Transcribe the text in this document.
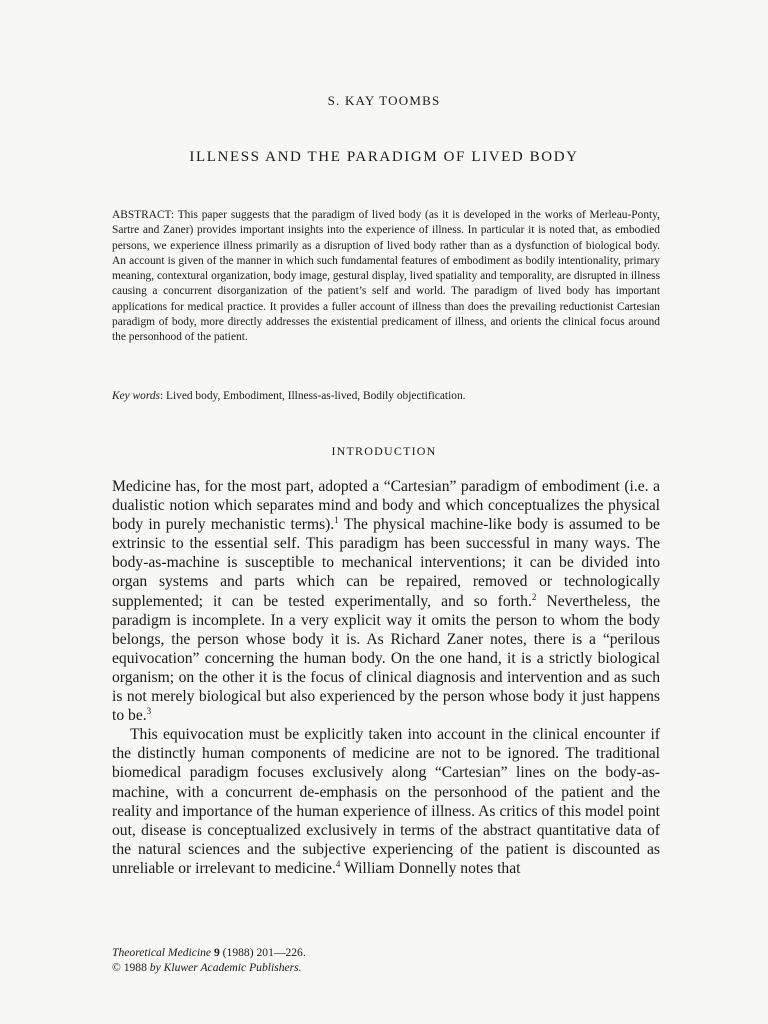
S. KAY TOOMBS
ILLNESS AND THE PARADIGM OF LIVED BODY

ABSTRACT: This paper suggests that the paradigm of lived body (as it is developed in the works of Merleau-Ponty, Sartre and Zaner) provides important insights into the experience of illness. In particular it is noted that, as embodied persons, we experience illness primarily as a disruption of lived body rather than as a dysfunction of biological body. An account is given of the manner in which such fundamental features of embodiment as bodily intentionality, primary meaning, contextural organization, body image, gestural display, lived spatiality and temporality, are disrupted in illness causing a concurrent disorganization of the patient’s self and world. The paradigm of lived body has important applications for medical practice. It provides a fuller account of illness than does the prevailing reductionist Cartesian paradigm of body, more directly addresses the existential predicament of illness, and orients the clinical focus around the personhood of the patient.

Key words: Lived body, Embodiment, Illness-as-lived, Bodily objectification.

INTRODUCTION

Medicine has, for the most part, adopted a “Cartesian” paradigm of embodiment (i.e. a dualistic notion which separates mind and body and which conceptualizes the physical body in purely mechanistic terms).$^1$ The physical machine-like body is assumed to be extrinsic to the essential self. This paradigm has been successful in many ways. The body-as-machine is susceptible to mechanical interventions; it can be divided into organ systems and parts which can be repaired, removed or technologically supplemented; it can be tested experimentally, and so forth.$^2$ Nevertheless, the paradigm is incomplete. In a very explicit way it omits the person to whom the body belongs, the person whose body it is. As Richard Zaner notes, there is a “perilous equivocation” concerning the human body. On the one hand, it is a strictly biological organism; on the other it is the focus of clinical diagnosis and intervention and as such is not merely biological but also experienced by the person whose body it just happens to be.$^3$

This equivocation must be explicitly taken into account in the clinical encounter if the distinctly human components of medicine are not to be ignored. The traditional biomedical paradigm focuses exclusively along “Cartesian” lines on the body-as-machine, with a concurrent de-emphasis on the personhood of the patient and the reality and importance of the human experience of illness. As critics of this model point out, disease is conceptualized exclusively in terms of the abstract quantitative data of the natural sciences and the subjective experiencing of the patient is discounted as unreliable or irrelevant to medicine.$^4$ William Donnelly notes that

Theoretical Medicine 9 (1988) 201—226.
© 1988 by Kluwer Academic Publishers.
